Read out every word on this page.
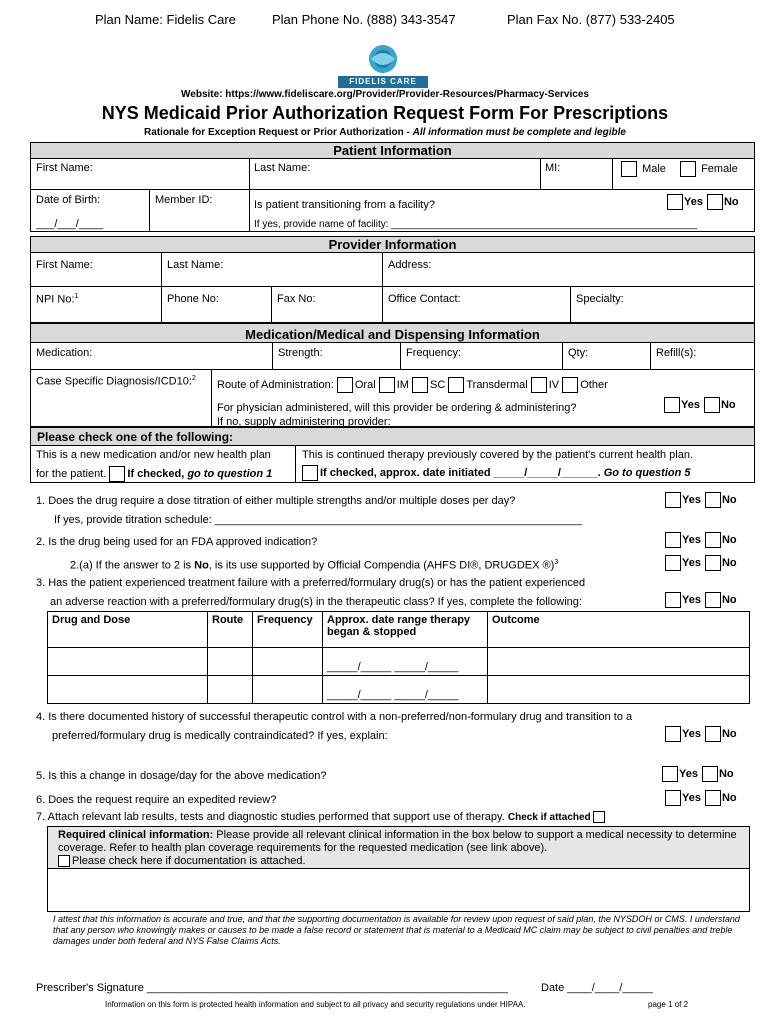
Plan Name: Fidelis Care	Plan Phone No. (888) 343-3547	Plan Fax No. (877) 533-2405
FIDELIS CARE
Website: https://www.fideliscare.org/Provider/Provider-Resources/Pharmacy-Services
NYS Medicaid Prior Authorization Request Form For Prescriptions
Rationale for Exception Request or Prior Authorization - All information must be complete and legible
Patient Information
First Name:	Last Name:	MI:	Male	Female
Date of Birth:
___/___/____
Member ID:	Is patient transitioning from a facility?
If yes, provide name of facility: _______________________________________________________
Yes No
Provider Information
First Name:	Last Name:	Address:
NPI No:$^1$	Phone No:	Fax No:	Office Contact:	Specialty:
Medication/Medical and Dispensing Information
Medication:	Strength:	Frequency:	Qty:	Refill(s):
Case Specific Diagnosis/ICD10:$^2$
Route of Administration: Oral IM SC Transdermal IV Other
For physician administered, will this provider be ordering & administering?
If no, supply administering provider:
Yes No
Please check one of the following:
This is a new medication and/or new health plan
for the patient. If checked, go to question 1
This is continued therapy previously covered by the patient's current health plan.
If checked, approx. date initiated _____/_____/______. Go to question 5
1. Does the drug require a dose titration of either multiple strengths and/or multiple doses per day?
If yes, provide titration schedule: ____________________________________________________________
Yes No
2. Is the drug being used for an FDA approved indication?	Yes No
2.(a) If the answer to 2 is No, is its use supported by Official Compendia (AHFS DI®, DRUGDEX ®)$^3$	Yes No
3. Has the patient experienced treatment failure with a preferred/formulary drug(s) or has the patient experienced
an adverse reaction with a preferred/formulary drug(s) in the therapeutic class? If yes, complete the following:	Yes No
Drug and Dose	Route	Frequency	Approx. date range therapy began & stopped	Outcome
			_____/_____ _____/_____	
			_____/_____ _____/_____	
4. Is there documented history of successful therapeutic control with a non-preferred/non-formulary drug and transition to a
preferred/formulary drug is medically contraindicated? If yes, explain:	Yes No
5. Is this a change in dosage/day for the above medication?	Yes No
6. Does the request require an expedited review?	Yes No
7. Attach relevant lab results, tests and diagnostic studies performed that support use of therapy. Check if attached
Required clinical information: Please provide all relevant clinical information in the box below to support a medical necessity to determine coverage. Refer to health plan coverage requirements for the requested medication (see link above).
Please check here if documentation is attached.
I attest that this information is accurate and true, and that the supporting documentation is available for review upon request of said plan, the NYSDOH or CMS. I understand that any person who knowingly makes or causes to be made a false record or statement that is material to a Medicaid MC claim may be subject to civil penalties and treble damages under both federal and NYS False Claims Acts.
Prescriber's Signature ___________________________________________________________	Date ____/____/_____
Information on this form is protected health information and subject to all privacy and security regulations under HIPAA.	page 1 of 2
